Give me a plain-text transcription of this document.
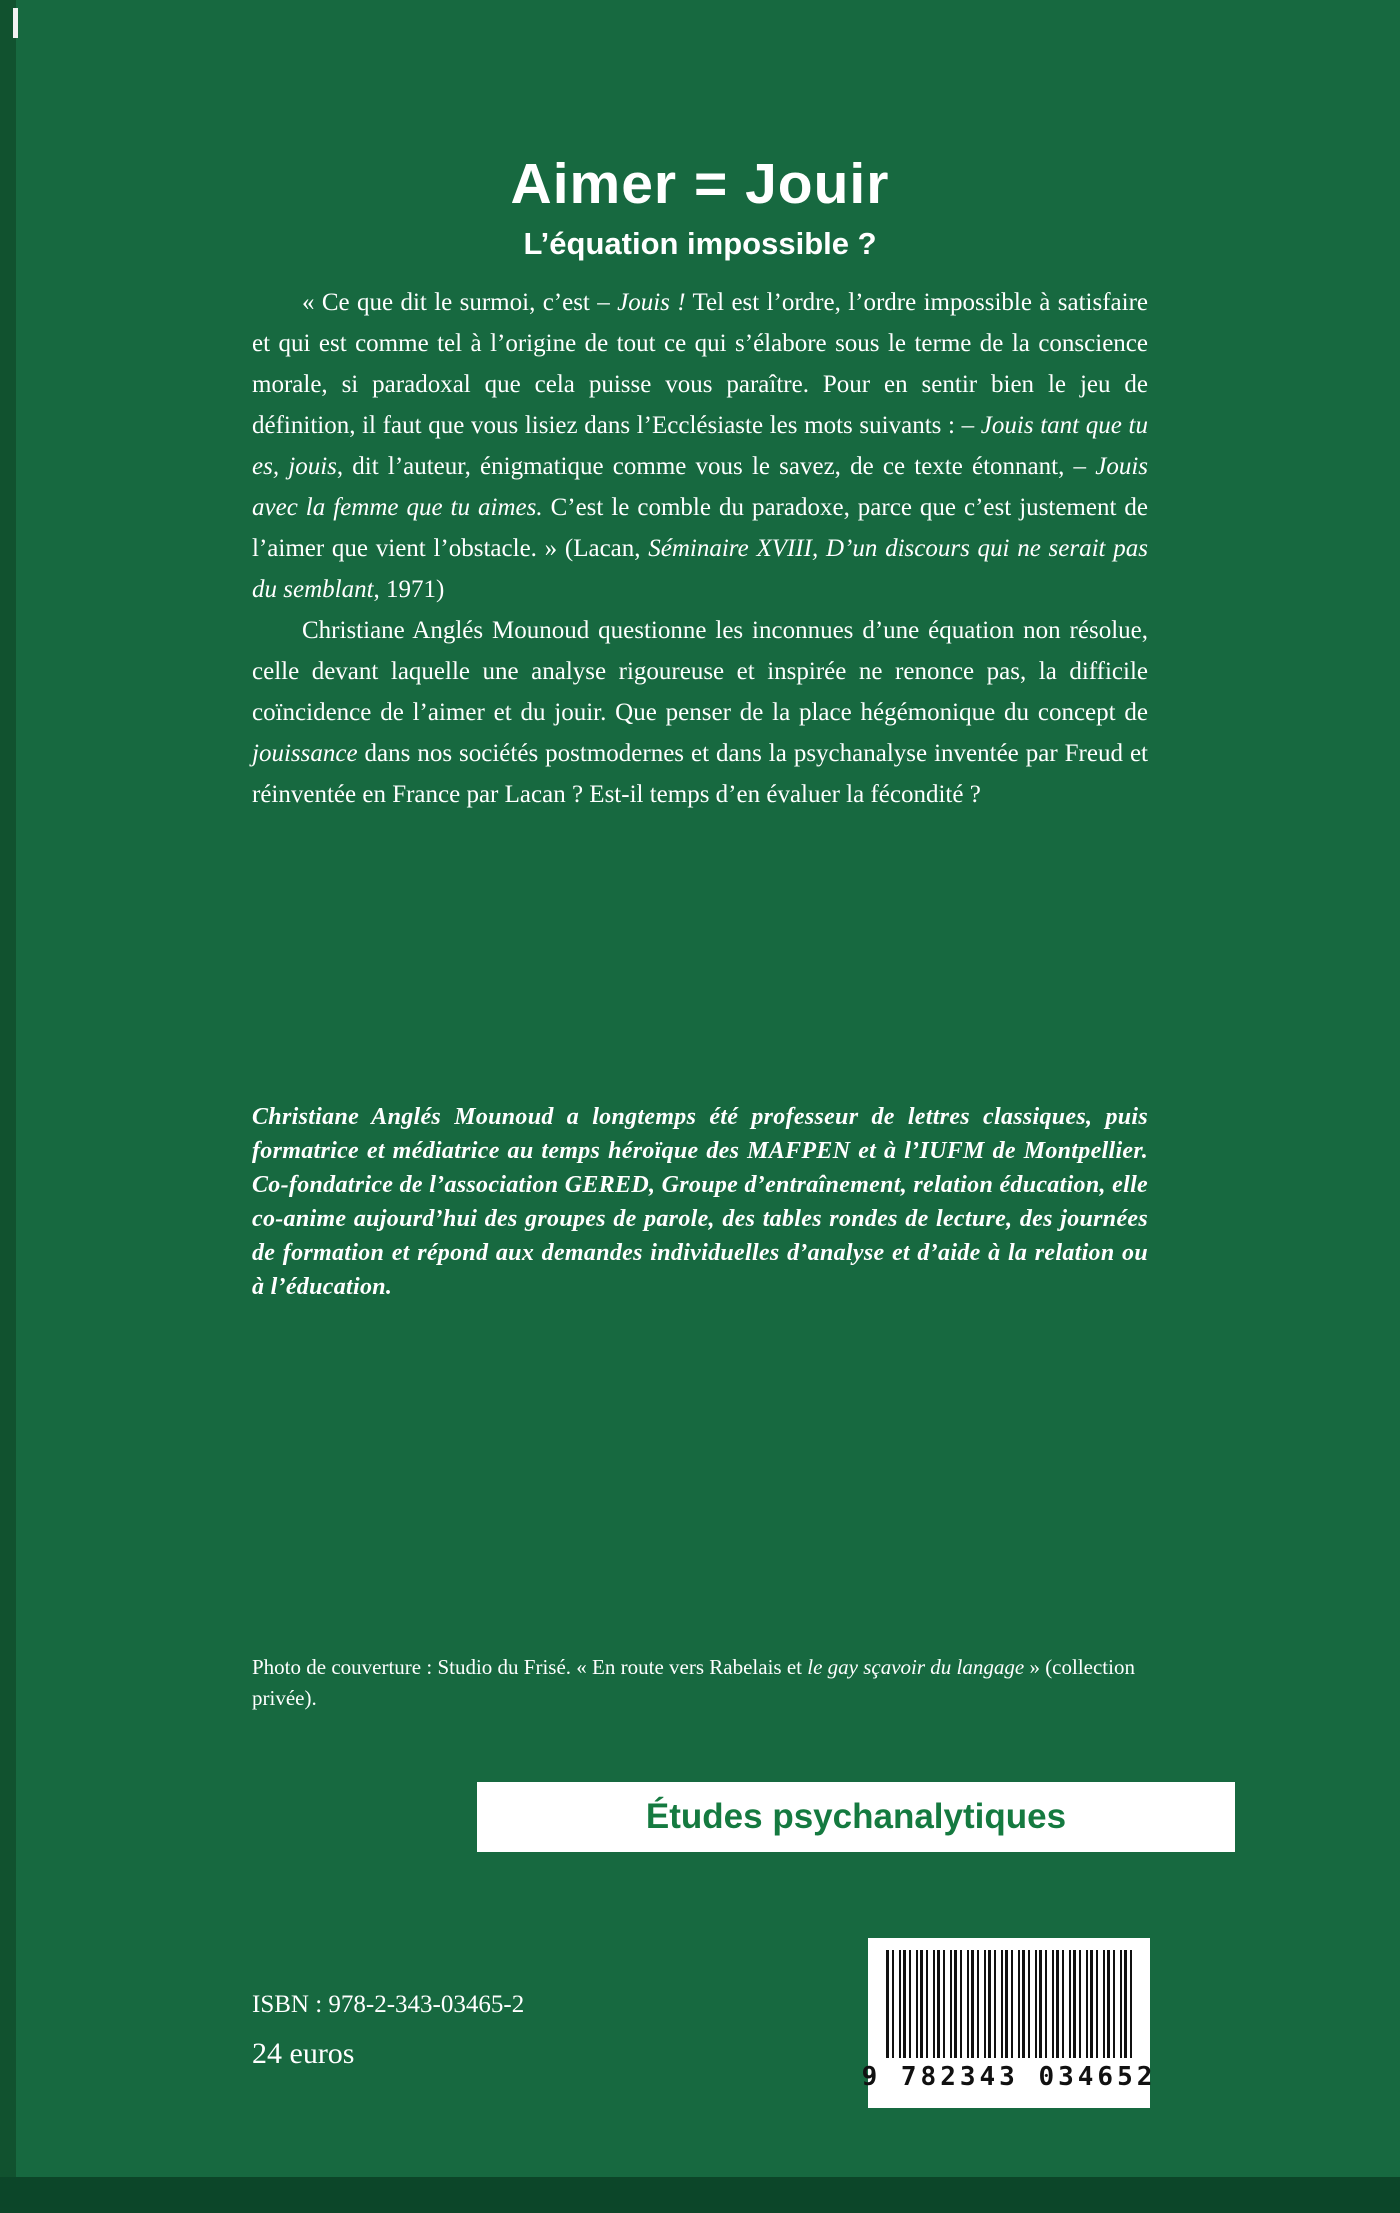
Aimer = Jouir
L’équation impossible ?

« Ce que dit le surmoi, c’est – Jouis ! Tel est l’ordre, l’ordre impossible à satisfaire et qui est comme tel à l’origine de tout ce qui s’élabore sous le terme de la conscience morale, si paradoxal que cela puisse vous paraître. Pour en sentir bien le jeu de définition, il faut que vous lisiez dans l’Ecclésiaste les mots suivants : – Jouis tant que tu es, jouis, dit l’auteur, énigmatique comme vous le savez, de ce texte étonnant, – Jouis avec la femme que tu aimes. C’est le comble du paradoxe, parce que c’est justement de l’aimer que vient l’obstacle. » (Lacan, Séminaire XVIII, D’un discours qui ne serait pas du semblant, 1971)

Christiane Anglés Mounoud questionne les inconnues d’une équation non résolue, celle devant laquelle une analyse rigoureuse et inspirée ne renonce pas, la difficile coïncidence de l’aimer et du jouir. Que penser de la place hégémonique du concept de jouissance dans nos sociétés postmodernes et dans la psychanalyse inventée par Freud et réinventée en France par Lacan ? Est-il temps d’en évaluer la fécondité ?

Christiane Anglés Mounoud a longtemps été professeur de lettres classiques, puis formatrice et médiatrice au temps héroïque des MAFPEN et à l’IUFM de Montpellier. Co-fondatrice de l’association GERED, Groupe d’entraînement, relation éducation, elle co-anime aujourd’hui des groupes de parole, des tables rondes de lecture, des journées de formation et répond aux demandes individuelles d’analyse et d’aide à la relation ou à l’éducation.

Photo de couverture : Studio du Frisé. « En route vers Rabelais et le gay sçavoir du langage » (collection privée).

Études psychanalytiques
ISBN : 978-2-343-03465-2
24 euros
9 782343 034652
